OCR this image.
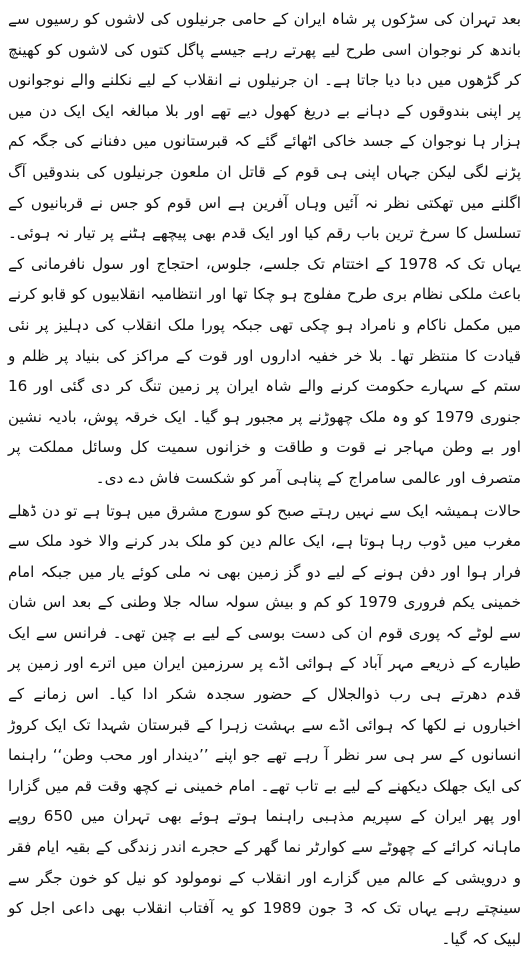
بعد تہران کی سڑکوں پر شاہ ایران کے حامی جرنیلوں کی لاشوں کو رسیوں سے باندھ کر نوجوان اسی طرح لیے پھرتے رہے جیسے پاگل کتوں کی لاشوں کو کھینچ کر گڑھوں میں دبا دیا جاتا ہے۔ ان جرنیلوں نے انقلاب کے لیے نکلنے والے نوجوانوں پر اپنی بندوقوں کے دہانے بے دریغ کھول دیے تھے اور بلا مبالغہ ایک ایک دن میں ہزار ہا نوجوان کے جسد خاکی اٹھائے گئے کہ قبرستانوں میں دفنانے کی جگہ کم پڑنے لگی لیکن جہاں اپنی ہی قوم کے قاتل ان ملعون جرنیلوں کی بندوقیں آگ اگلنے میں تھکتی نظر نہ آئیں وہاں آفرین ہے اس قوم کو جس نے قربانیوں کے تسلسل کا سرخ ترین باب رقم کیا اور ایک قدم بھی پیچھے ہٹنے پر تیار نہ ہوئی۔ یہاں تک کہ 1978 کے اختتام تک جلسے، جلوس، احتجاج اور سول نافرمانی کے باعث ملکی نظام بری طرح مفلوج ہو چکا تھا اور انتظامیہ انقلابیوں کو قابو کرنے میں مکمل ناکام و نامراد ہو چکی تھی جبکہ پورا ملک انقلاب کی دہلیز پر نئی قیادت کا منتظر تھا۔ بلا خر خفیہ اداروں اور قوت کے مراکز کی بنیاد پر ظلم و ستم کے سہارے حکومت کرنے والے شاہ ایران پر زمین تنگ کر دی گئی اور 16 جنوری 1979 کو وہ ملک چھوڑنے پر مجبور ہو گیا۔ ایک خرقہ پوش، بادیہ نشین اور بے وطن مہاجر نے قوت و طاقت و خزانوں سمیت کل وسائل مملکت پر متصرف اور عالمی سامراج کے پناہی آمر کو شکست فاش دے دی۔

حالات ہمیشہ ایک سے نہیں رہتے صبح کو سورج مشرق میں ہوتا ہے تو دن ڈھلے مغرب میں ڈوب رہا ہوتا ہے، ایک عالم دین کو ملک بدر کرنے والا خود ملک سے فرار ہوا اور دفن ہونے کے لیے دو گز زمین بھی نہ ملی کوئے یار میں جبکہ امام خمینی یکم فروری 1979 کو کم و بیش سولہ سالہ جلا وطنی کے بعد اس شان سے لوٹے کہ پوری قوم ان کی دست بوسی کے لیے بے چین تھی۔ فرانس سے ایک طیارے کے ذریعے مہر آباد کے ہوائی اڈے پر سرزمین ایران میں اترے اور زمین پر قدم دھرتے ہی رب ذوالجلال کے حضور سجدہ شکر ادا کیا۔ اس زمانے کے اخباروں نے لکھا کہ ہوائی اڈے سے بہشت زہرا کے قبرستان شہدا تک ایک کروڑ انسانوں کے سر ہی سر نظر آ رہے تھے جو اپنے ’’دیندار اور محب وطن‘‘ راہنما کی ایک جھلک دیکھنے کے لیے بے تاب تھے۔ امام خمینی نے کچھ وقت قم میں گزارا اور پھر ایران کے سپریم مذہبی راہنما ہوتے ہوئے بھی تہران میں 650 روپے ماہانہ کرائے کے چھوٹے سے کوارٹر نما گھر کے حجرے اندر زندگی کے بقیہ ایام فقر و درویشی کے عالم میں گزارے اور انقلاب کے نومولود کو نیل کو خون جگر سے سینچتے رہے یہاں تک کہ 3 جون 1989 کو یہ آفتاب انقلاب بھی داعی اجل کو لبیک کہ گیا۔
